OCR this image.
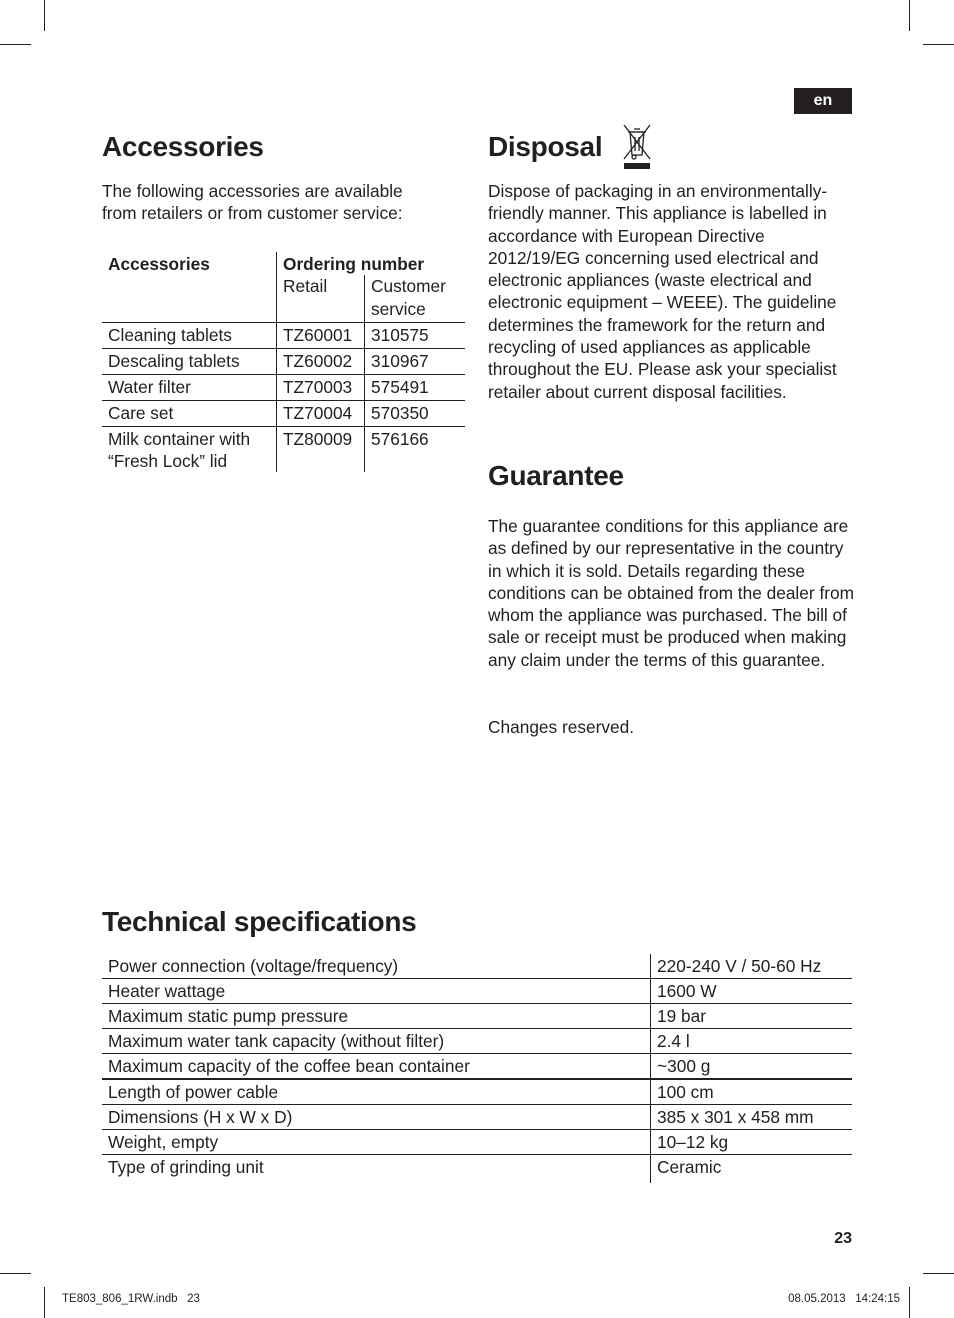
en
Accessories

The following accessories are available from retailers or from customer service:

Accessories	Ordering number	
	Retail	Customer service
Cleaning tablets	TZ60001	310575
Descaling tablets	TZ60002	310967
Water filter	TZ70003	575491
Care set	TZ70004	570350
Milk container with “Fresh Lock” lid	TZ80009	576166
Disposal

Dispose of packaging in an environmentally-friendly manner. This appliance is labelled in accordance with European Directive 2012/19/EG concerning used electrical and electronic appliances (waste electrical and electronic equipment – WEEE). The guideline determines the framework for the return and recycling of used appliances as applicable throughout the EU. Please ask your specialist retailer about current disposal facilities.

Guarantee

The guarantee conditions for this appliance are as defined by our representative in the country in which it is sold. Details regarding these conditions can be obtained from the dealer from whom the appliance was purchased. The bill of sale or receipt must be produced when making any claim under the terms of this guarantee.

Changes reserved.

Technical specifications
Power connection (voltage/frequency)	220-240 V / 50-60 Hz
Heater wattage	1600 W
Maximum static pump pressure	19 bar
Maximum water tank capacity (without filter)	2.4 l
Maximum capacity of the coffee bean container	~300 g
Length of power cable	100 cm
Dimensions (H x W x D)	385 x 301 x 458 mm
Weight, empty	10–12 kg
Type of grinding unit	Ceramic
23
TE803_806_1RW.indb   23	08.05.2013   14:24:15
